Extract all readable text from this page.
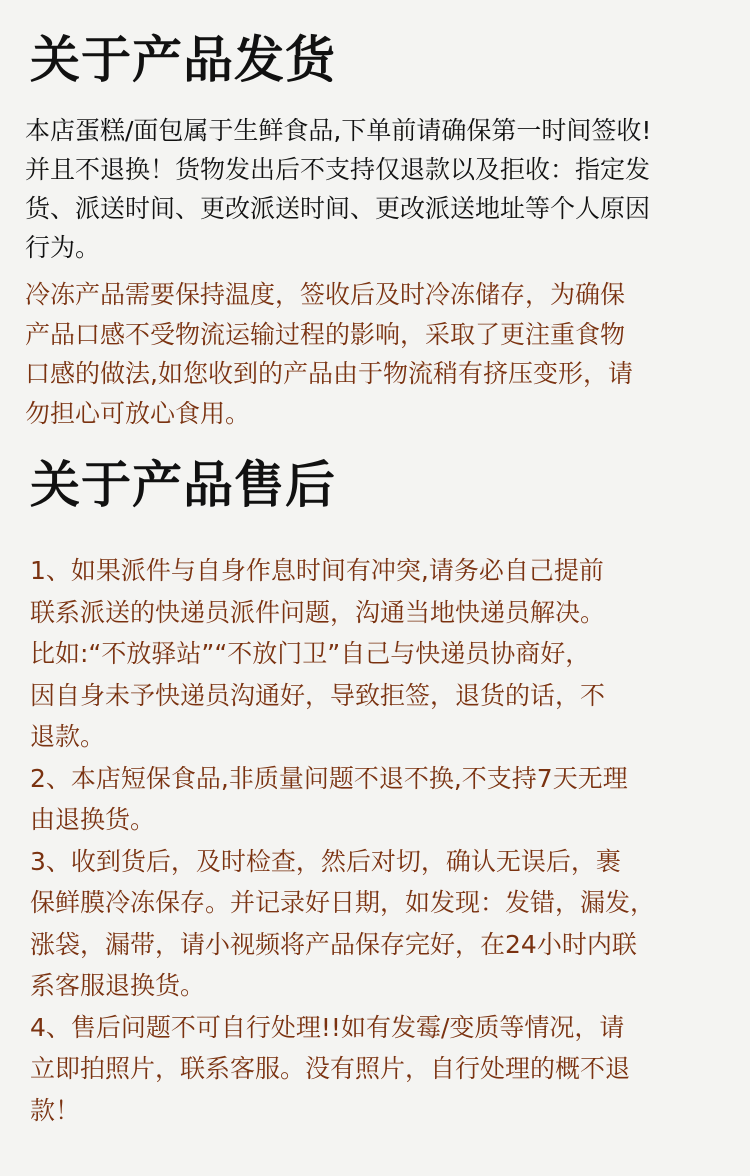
关于产品发货
本店蛋糕/面包属于生鲜食品,下单前请确保第一时间签收!
并且不退换！货物发出后不支持仅退款以及拒收：指定发
货、派送时间、更改派送时间、更改派送地址等个人原因
行为。
冷冻产品需要保持温度，签收后及时冷冻储存，为确保
产品口感不受物流运输过程的影响，采取了更注重食物
口感的做法,如您收到的产品由于物流稍有挤压变形，请
勿担心可放心食用。
关于产品售后
1、如果派件与自身作息时间有冲突,请务必自己提前
联系派送的快递员派件问题，沟通当地快递员解决。
比如:“不放驿站”“不放门卫”自己与快递员协商好，
因自身未予快递员沟通好，导致拒签，退货的话，不
退款。
2、本店短保食品,非质量问题不退不换,不支持7天无理
由退换货。
3、收到货后，及时检查，然后对切，确认无误后，裹
保鲜膜冷冻保存。并记录好日期，如发现：发错，漏发，
涨袋，漏带，请小视频将产品保存完好，在24小时内联
系客服退换货。
4、售后问题不可自行处理!!如有发霉/变质等情况，请
立即拍照片，联系客服。没有照片，自行处理的概不退
款！
